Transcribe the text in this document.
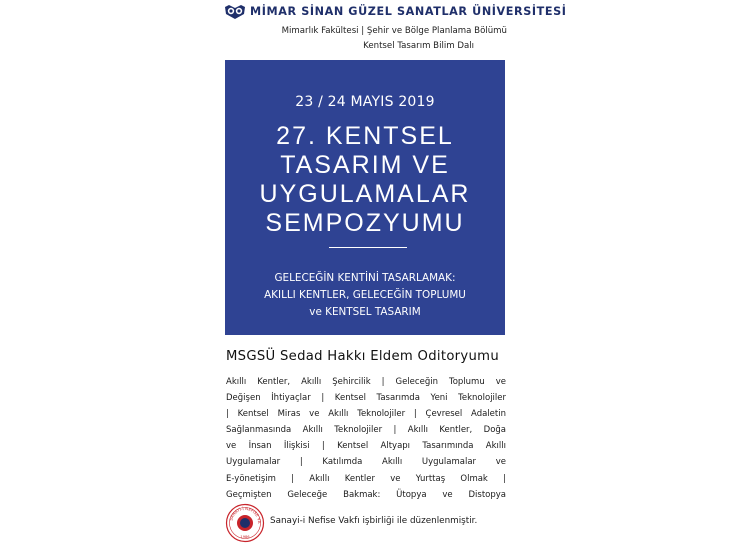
MİMAR SİNAN GÜZEL SANATLAR ÜNİVERSİTESİ
Mimarlık Fakültesi | Şehir ve Bölge Planlama Bölümü
Kentsel Tasarım Bilim Dalı
23 / 24 MAYIS 2019
27. KENTSEL
TASARIM VE
UYGULAMALAR
SEMPOZYUMU
GELECEĞİN KENTİNİ TASARLAMAK:
AKILLI KENTLER, GELECEĞİN TOPLUMU
ve KENTSEL TASARIM
MSGSÜ Sedad Hakkı Eldem Oditoryumu
Akıllı Kentler, Akıllı Şehircilik | Geleceğin Toplumu ve
Değişen İhtiyaçlar | Kentsel Tasarımda Yeni Teknolojiler
| Kentsel Miras ve Akıllı Teknolojiler | Çevresel Adaletin
Sağlanmasında Akıllı Teknolojiler | Akıllı Kentler, Doğa
ve İnsan İlişkisi | Kentsel Altyapı Tasarımında Akıllı
Uygulamalar | Katılımda Akıllı Uygulamalar ve
E-yönetişim | Akıllı Kentler ve Yurttaş Olmak |
Geçmişten Geleceğe Bakmak: Ütopya ve Distopya
SANAYİ-İ NEFİSE VA
1986
Sanayi-i Nefise Vakfı işbirliği ile düzenlenmiştir.
